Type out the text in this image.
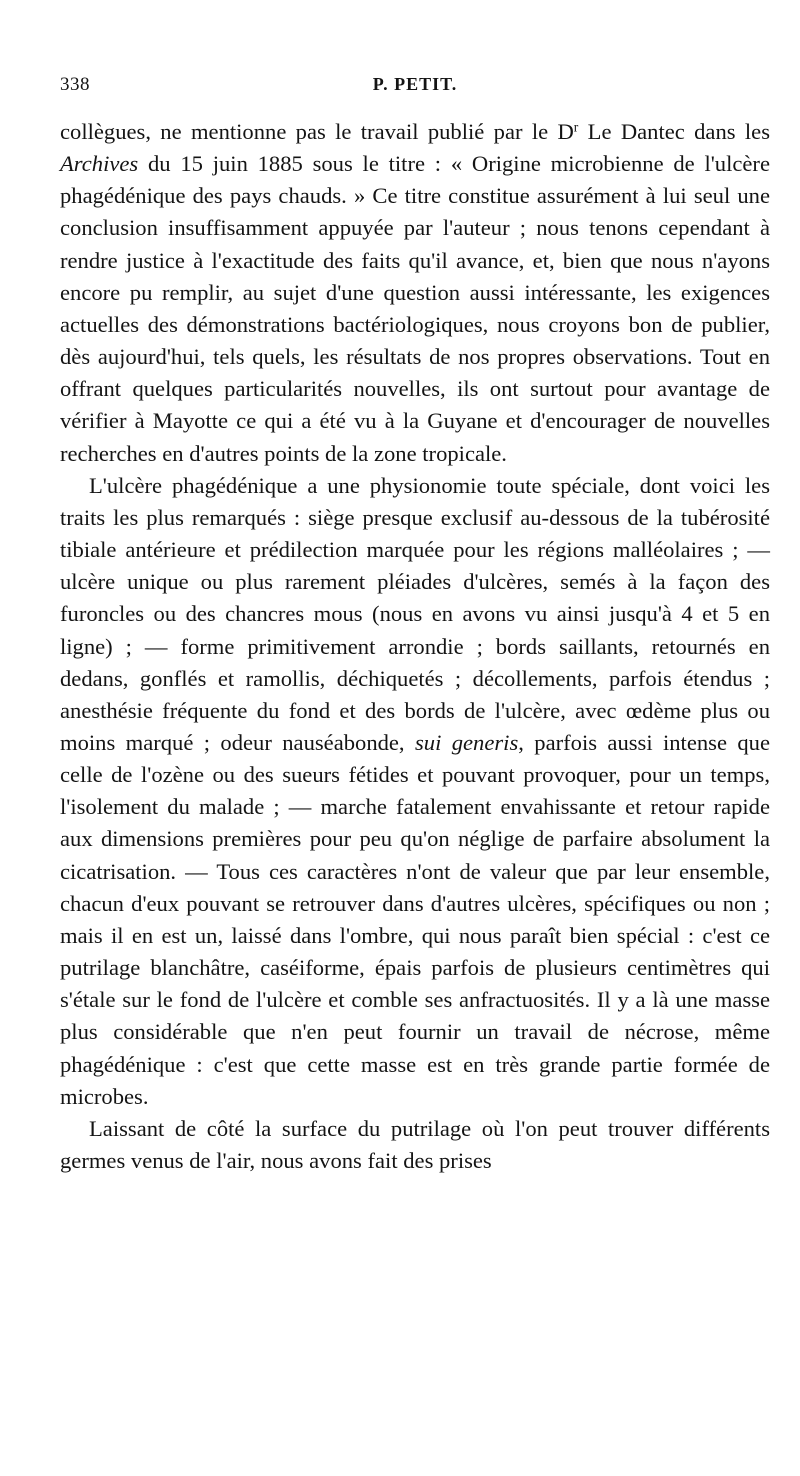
338	P. PETIT.

collègues, ne mentionne pas le travail publié par le $D^r$ Le Dantec dans les Archives du 15 juin 1885 sous le titre : « Origine microbienne de l'ulcère phagédénique des pays chauds. » Ce titre constitue assurément à lui seul une conclusion insuffisamment appuyée par l'auteur ; nous tenons cependant à rendre justice à l'exactitude des faits qu'il avance, et, bien que nous n'ayons encore pu remplir, au sujet d'une question aussi intéressante, les exigences actuelles des démonstrations bactériologiques, nous croyons bon de publier, dès aujourd'hui, tels quels, les résultats de nos propres observations. Tout en offrant quelques particularités nouvelles, ils ont surtout pour avantage de vérifier à Mayotte ce qui a été vu à la Guyane et d'encourager de nouvelles recherches en d'autres points de la zone tropicale.

L'ulcère phagédénique a une physionomie toute spéciale, dont voici les traits les plus remarqués : siège presque exclusif au-dessous de la tubérosité tibiale antérieure et prédilection marquée pour les régions malléolaires ; — ulcère unique ou plus rarement pléiades d'ulcères, semés à la façon des furoncles ou des chancres mous (nous en avons vu ainsi jusqu'à 4 et 5 en ligne) ; — forme primitivement arrondie ; bords saillants, retournés en dedans, gonflés et ramollis, déchiquetés ; décollements, parfois étendus ; anesthésie fréquente du fond et des bords de l'ulcère, avec œdème plus ou moins marqué ; odeur nauséabonde, sui generis, parfois aussi intense que celle de l'ozène ou des sueurs fétides et pouvant provoquer, pour un temps, l'isolement du malade ; — marche fatalement envahissante et retour rapide aux dimensions premières pour peu qu'on néglige de parfaire absolument la cicatrisation. — Tous ces caractères n'ont de valeur que par leur ensemble, chacun d'eux pouvant se retrouver dans d'autres ulcères, spécifiques ou non ; mais il en est un, laissé dans l'ombre, qui nous paraît bien spécial : c'est ce putrilage blanchâtre, caséiforme, épais parfois de plusieurs centimètres qui s'étale sur le fond de l'ulcère et comble ses anfractuosités. Il y a là une masse plus considérable que n'en peut fournir un travail de nécrose, même phagédénique : c'est que cette masse est en très grande partie formée de microbes.

Laissant de côté la surface du putrilage où l'on peut trouver différents germes venus de l'air, nous avons fait des prises
